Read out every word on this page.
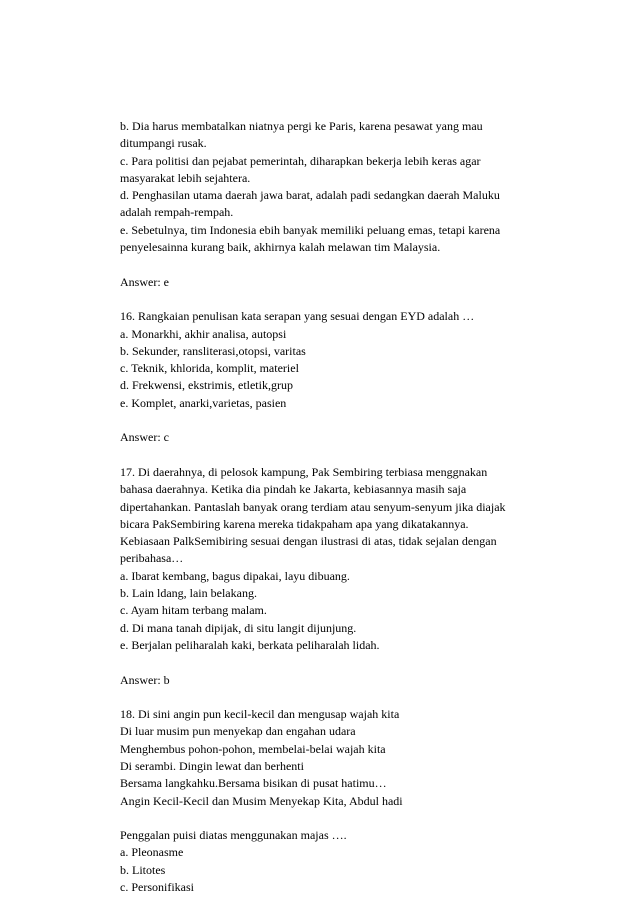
b. Dia harus membatalkan niatnya pergi ke Paris, karena pesawat yang mau
ditumpangi rusak.
c. Para politisi dan pejabat pemerintah, diharapkan bekerja lebih keras agar
masyarakat lebih sejahtera.
d. Penghasilan utama daerah jawa barat, adalah padi sedangkan daerah Maluku
adalah rempah-rempah.
e. Sebetulnya, tim Indonesia ebih banyak memiliki peluang emas, tetapi karena
penyelesainna kurang baik, akhirnya kalah melawan tim Malaysia.
Answer: e
16. Rangkaian penulisan kata serapan yang sesuai dengan EYD adalah …
a. Monarkhi, akhir analisa, autopsi
b. Sekunder, ransliterasi,otopsi, varitas
c. Teknik, khlorida, komplit, materiel
d. Frekwensi, ekstrimis, etletik,grup
e. Komplet, anarki,varietas, pasien
Answer: c
17. Di daerahnya, di pelosok kampung, Pak Sembiring terbiasa menggnakan
bahasa daerahnya. Ketika dia pindah ke Jakarta, kebiasannya masih saja
dipertahankan. Pantaslah banyak orang terdiam atau senyum-senyum jika diajak
bicara PakSembiring karena mereka tidakpaham apa yang dikatakannya.
Kebiasaan PalkSemibiring sesuai dengan ilustrasi di atas, tidak sejalan dengan
peribahasa…
a. Ibarat kembang, bagus dipakai, layu dibuang.
b. Lain ldang, lain belakang.
c. Ayam hitam terbang malam.
d. Di mana tanah dipijak, di situ langit dijunjung.
e. Berjalan peliharalah kaki, berkata peliharalah lidah.
Answer: b
18. Di sini angin pun kecil-kecil dan mengusap wajah kita
Di luar musim pun menyekap dan engahan udara
Menghembus pohon-pohon, membelai-belai wajah kita
Di serambi. Dingin lewat dan berhenti
Bersama langkahku.Bersama bisikan di pusat hatimu…
Angin Kecil-Kecil dan Musim Menyekap Kita, Abdul hadi
Penggalan puisi diatas menggunakan majas ….
a. Pleonasme
b. Litotes
c. Personifikasi
